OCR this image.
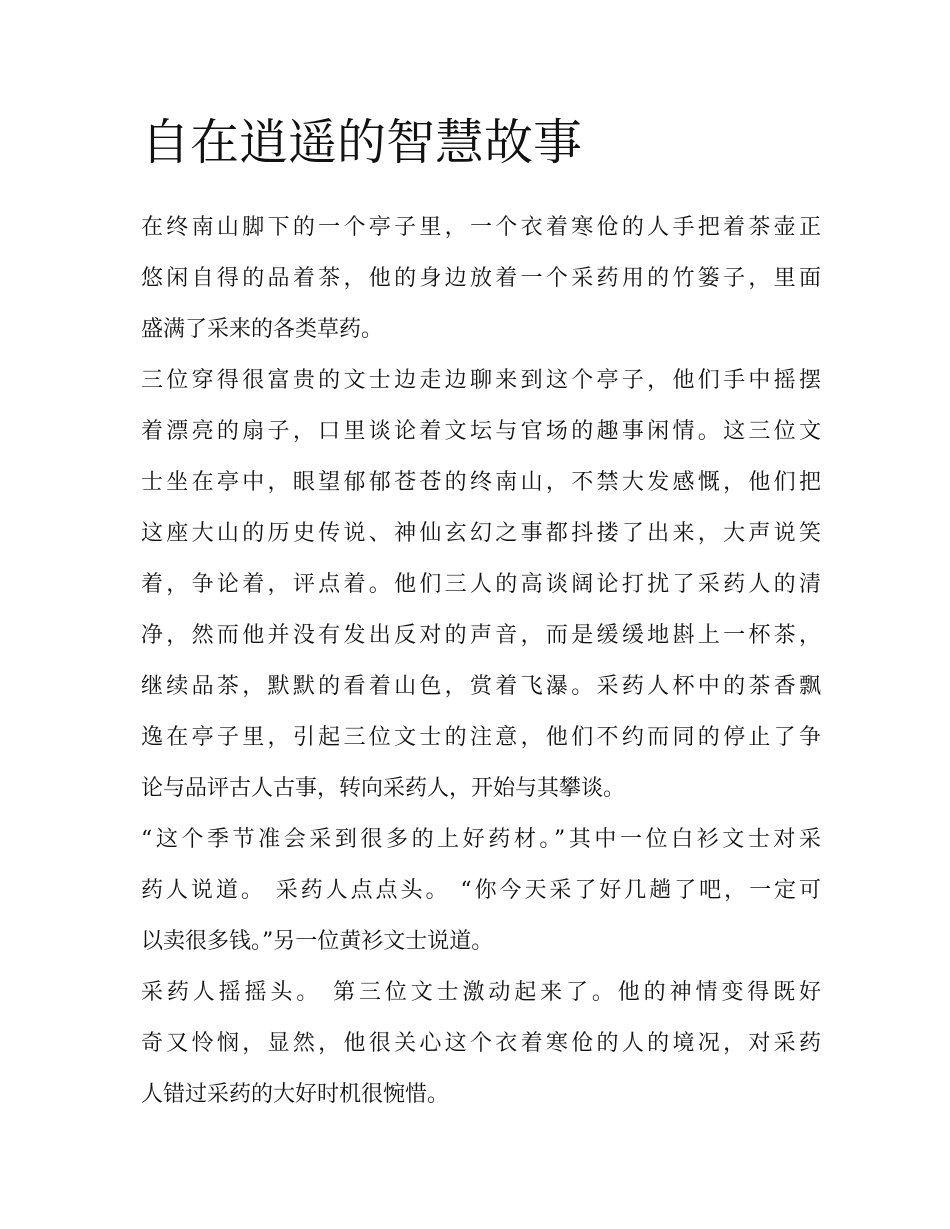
自在逍遥的智慧故事

在终南山脚下的一个亭子里，一个衣着寒伧的人手把着茶壶正
悠闲自得的品着茶，他的身边放着一个采药用的竹篓子，里面
盛满了采来的各类草药。

三位穿得很富贵的文士边走边聊来到这个亭子，他们手中摇摆
着漂亮的扇子，口里谈论着文坛与官场的趣事闲情。这三位文
士坐在亭中，眼望郁郁苍苍的终南山，不禁大发感慨，他们把
这座大山的历史传说、神仙玄幻之事都抖搂了出来，大声说笑
着，争论着，评点着。他们三人的高谈阔论打扰了采药人的清
净，然而他并没有发出反对的声音，而是缓缓地斟上一杯茶，
继续品茶，默默的看着山色，赏着飞瀑。采药人杯中的茶香飘
逸在亭子里，引起三位文士的注意，他们不约而同的停止了争
论与品评古人古事，转向采药人，开始与其攀谈。

“这个季节准会采到很多的上好药材。”其中一位白衫文士对采
药人说道。 采药人点点头。 “你今天采了好几趟了吧，一定可
以卖很多钱。”另一位黄衫文士说道。

采药人摇摇头。 第三位文士激动起来了。他的神情变得既好
奇又怜悯，显然，他很关心这个衣着寒伧的人的境况，对采药
人错过采药的大好时机很惋惜。
